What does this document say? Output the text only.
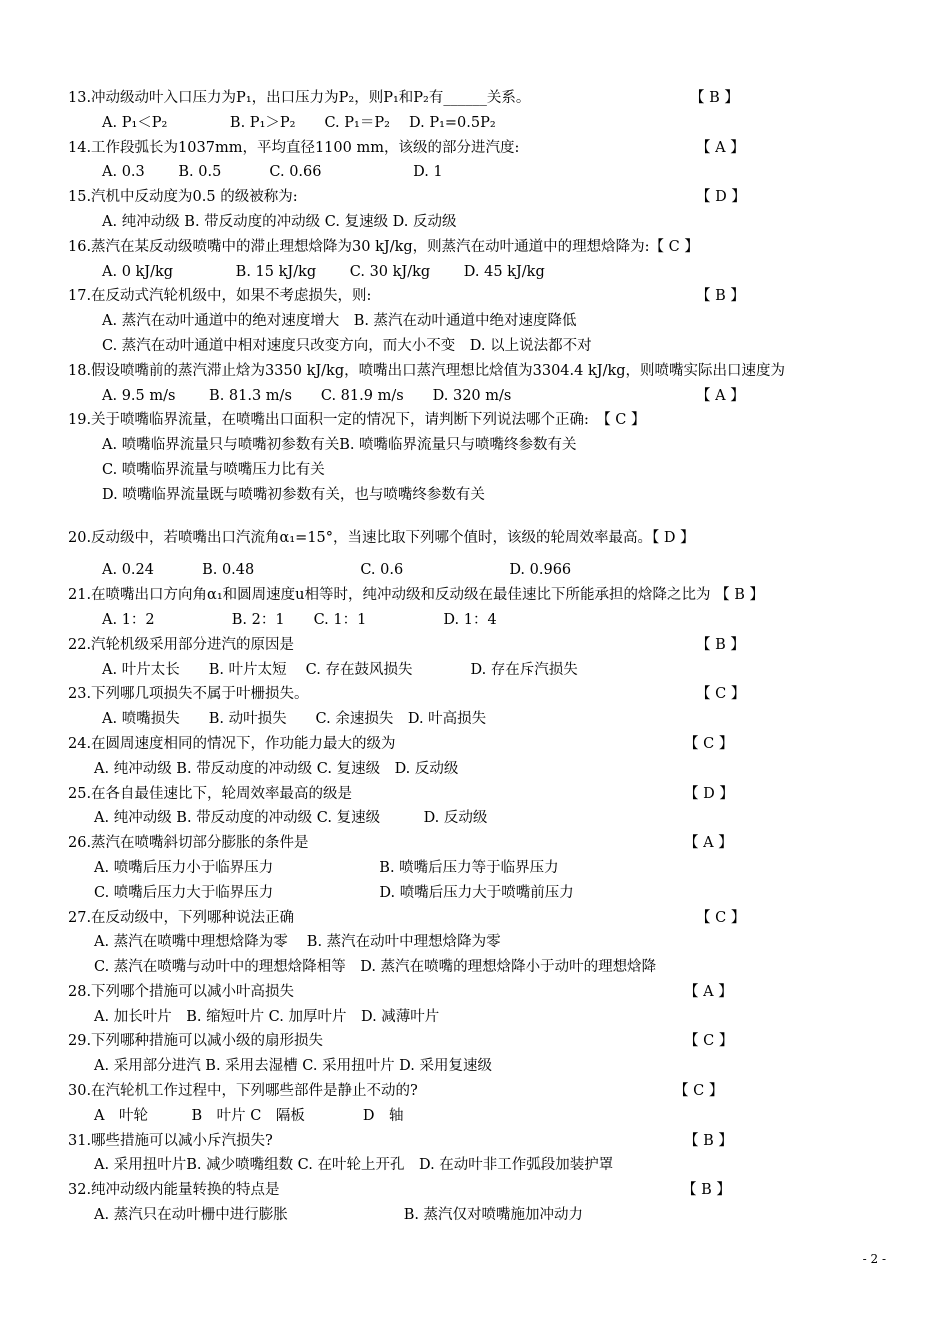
13.冲动级动叶入口压力为P₁，出口压力为P₂，则P₁和P₂有______关系。	【 B 】
A. P₁＜P₂　　　　 B. P₁＞P₂　　C. P₁＝P₂　 D. P₁=0.5P₂
14.工作段弧长为1037mm，平均直径1100 mm，该级的部分进汽度:	【 A 】
A. 0.3　　 B. 0.5　　　 C. 0.66　　　　　　 D. 1
15.汽机中反动度为0.5 的级被称为:	【 D 】
A. 纯冲动级 B. 带反动度的冲动级 C. 复速级 D. 反动级
16.蒸汽在某反动级喷嘴中的滞止理想焓降为30 kJ/kg，则蒸汽在动叶通道中的理想焓降为:【 C 】
A. 0 kJ/kg　　　　 B. 15 kJ/kg　　 C. 30 kJ/kg　　 D. 45 kJ/kg
17.在反动式汽轮机级中，如果不考虑损失，则:	【 B 】
A. 蒸汽在动叶通道中的绝对速度增大　B. 蒸汽在动叶通道中绝对速度降低
C. 蒸汽在动叶通道中相对速度只改变方向，而大小不变　D. 以上说法都不对
18.假设喷嘴前的蒸汽滞止焓为3350 kJ/kg，喷嘴出口蒸汽理想比焓值为3304.4 kJ/kg，则喷嘴实际出口速度为
A. 9.5 m/s　　 B. 81.3 m/s　　C. 81.9 m/s　　D. 320 m/s	【 A 】
19.关于喷嘴临界流量，在喷嘴出口面积一定的情况下，请判断下列说法哪个正确:　【 C 】
A. 喷嘴临界流量只与喷嘴初参数有关B. 喷嘴临界流量只与喷嘴终参数有关
C. 喷嘴临界流量与喷嘴压力比有关
D. 喷嘴临界流量既与喷嘴初参数有关，也与喷嘴终参数有关
20.反动级中，若喷嘴出口汽流角α₁=15°，当速比取下列哪个值时，该级的轮周效率最高。【 D 】
A. 0.24　　　 B. 0.48　　　　　　　 C. 0.6　　　　　　　 D. 0.966
21.在喷嘴出口方向角α₁和圆周速度u相等时，纯冲动级和反动级在最佳速比下所能承担的焓降之比为 【 B 】
A. 1：2　　　　　 B. 2：1　　C. 1：1　　　　　 D. 1：4
22.汽轮机级采用部分进汽的原因是	【 B 】
A. 叶片太长　　B. 叶片太短　 C. 存在鼓风损失　　　　D. 存在斥汽损失
23.下列哪几项损失不属于叶栅损失。	【 C 】
A. 喷嘴损失　　B. 动叶损失　　C. 余速损失　D. 叶高损失
24.在圆周速度相同的情况下，作功能力最大的级为	【 C 】
A. 纯冲动级 B. 带反动度的冲动级 C. 复速级　D. 反动级
25.在各自最佳速比下，轮周效率最高的级是	【 D 】
A. 纯冲动级 B. 带反动度的冲动级 C. 复速级　　　D. 反动级
26.蒸汽在喷嘴斜切部分膨胀的条件是	【 A 】
A. 喷嘴后压力小于临界压力　　　　　　　 B. 喷嘴后压力等于临界压力
C. 喷嘴后压力大于临界压力　　　　　　　 D. 喷嘴后压力大于喷嘴前压力
27.在反动级中，下列哪种说法正确	【 C 】
A. 蒸汽在喷嘴中理想焓降为零　 B. 蒸汽在动叶中理想焓降为零
C. 蒸汽在喷嘴与动叶中的理想焓降相等　D. 蒸汽在喷嘴的理想焓降小于动叶的理想焓降
28.下列哪个措施可以减小叶高损失	【 A 】
A. 加长叶片　B. 缩短叶片 C. 加厚叶片　D. 减薄叶片
29.下列哪种措施可以减小级的扇形损失	【 C 】
A. 采用部分进汽 B. 采用去湿槽 C. 采用扭叶片 D. 采用复速级
30.在汽轮机工作过程中，下列哪些部件是静止不动的?	【 C 】
A　叶轮　　　B　叶片 C　隔板　　　　D　轴
31.哪些措施可以减小斥汽损失?	【 B 】
A. 采用扭叶片B. 减少喷嘴组数 C. 在叶轮上开孔　D. 在动叶非工作弧段加装护罩
32.纯冲动级内能量转换的特点是	【 B 】
A. 蒸汽只在动叶栅中进行膨胀　　　　　　　　B. 蒸汽仅对喷嘴施加冲动力
- 2 -
